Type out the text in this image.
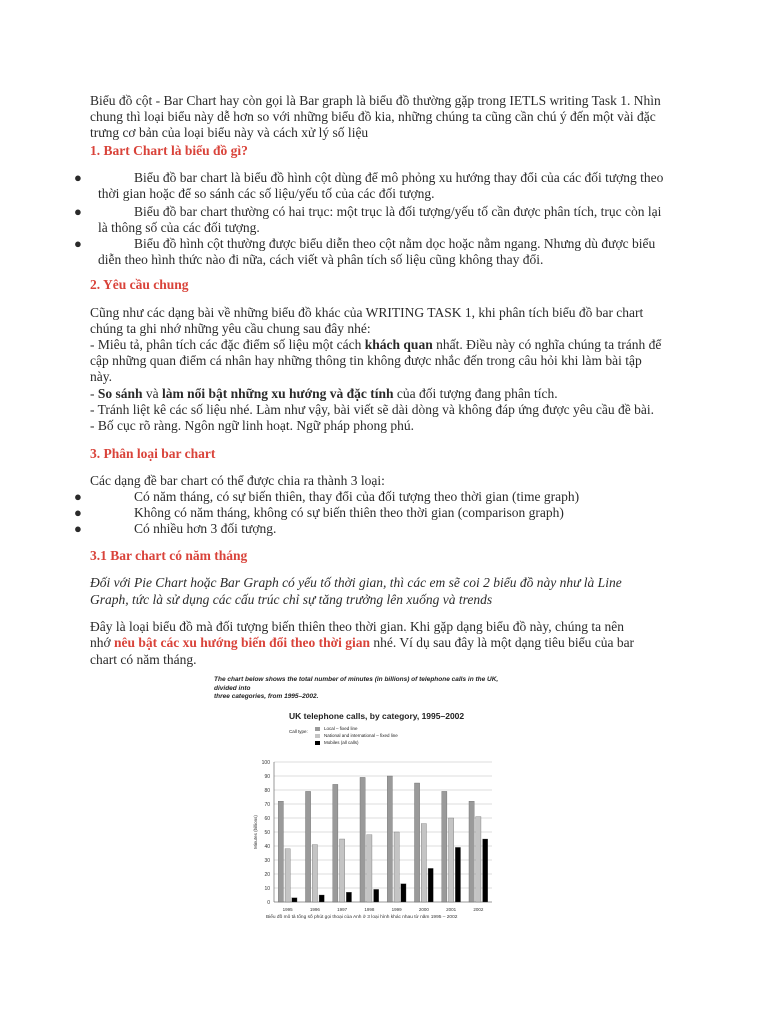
Biểu đồ cột - Bar Chart hay còn gọi là Bar graph là biểu đồ thường gặp trong IETLS writing Task 1. Nhìn

chung thì loại biểu này dễ hơn so với những biểu đồ kia, những chúng ta cũng cần chú ý đến một vài đặc

trưng cơ bản của loại biểu này và cách xử lý số liệu

1. Bart Chart là biểu đồ gì?

●	Biểu đồ bar chart là biểu đồ hình cột dùng để mô phỏng xu hướng thay đổi của các đối tượng theo
thời gian hoặc để so sánh các số liệu/yếu tố của các đối tượng.
●	Biểu đồ bar chart thường có hai trục: một trục là đối tượng/yếu tố cần được phân tích, trục còn lại
là thông số của các đối tượng.
●	Biểu đồ hình cột thường được biểu diễn theo cột nằm dọc hoặc nằm ngang. Nhưng dù được biểu
diễn theo hình thức nào đi nữa, cách viết và phân tích số liệu cũng không thay đổi.

2. Yêu cầu chung

Cũng như các dạng bài về những biểu đồ khác của WRITING TASK 1, khi phân tích biểu đồ bar chart

chúng ta ghi nhớ những yêu cầu chung sau đây nhé:

- Miêu tả, phân tích các đặc điểm số liệu một cách khách quan nhất. Điều này có nghĩa chúng ta tránh để

cập những quan điểm cá nhân hay những thông tin không được nhắc đến trong câu hỏi khi làm bài tập

này.

- So sánh và làm nổi bật những xu hướng và đặc tính của đối tượng đang phân tích.

- Tránh liệt kê các số liệu nhé. Làm như vậy, bài viết sẽ dài dòng và không đáp ứng được yêu cầu đề bài.

- Bố cục rõ ràng. Ngôn ngữ linh hoạt. Ngữ pháp phong phú.

3. Phân loại bar chart

Các dạng đề bar chart có thể được chia ra thành 3 loại:

●	Có năm tháng, có sự biến thiên, thay đổi của đối tượng theo thời gian (time graph)
●	Không có năm tháng, không có sự biến thiên theo thời gian (comparison graph)
●	Có nhiều hơn 3 đối tượng.

3.1 Bar chart có năm tháng

Đối với Pie Chart hoặc Bar Graph có yếu tố thời gian, thì các em sẽ coi 2 biểu đồ này như là Line

Graph, tức là sử dụng các cấu trúc chỉ sự tăng trưởng lên xuống và trends

Đây là loại biểu đồ mà đối tượng biến thiên theo thời gian. Khi gặp dạng biểu đồ này, chúng ta nên

nhớ nêu bật các xu hướng biến đổi theo thời gian nhé. Ví dụ sau đây là một dạng tiêu biểu của bar

chart có năm tháng.

The chart below shows the total number of minutes (in billions) of telephone calls in the UK, divided into
three categories, from 1995–2002.

UK telephone calls, by category, 1995–2002

Call type:
Local – fixed line
National and international – fixed line
Mobiles (all calls)
0
10
20
30
40
50
60
70
80
90
100
Minutes (billions)
1995	1996	1997	1998	1999	2000	2001	2002

Biểu đồ mô tả tổng số phút gọi thoại của Anh ở 3 loại hình khác nhau từ năm 1995 – 2002
